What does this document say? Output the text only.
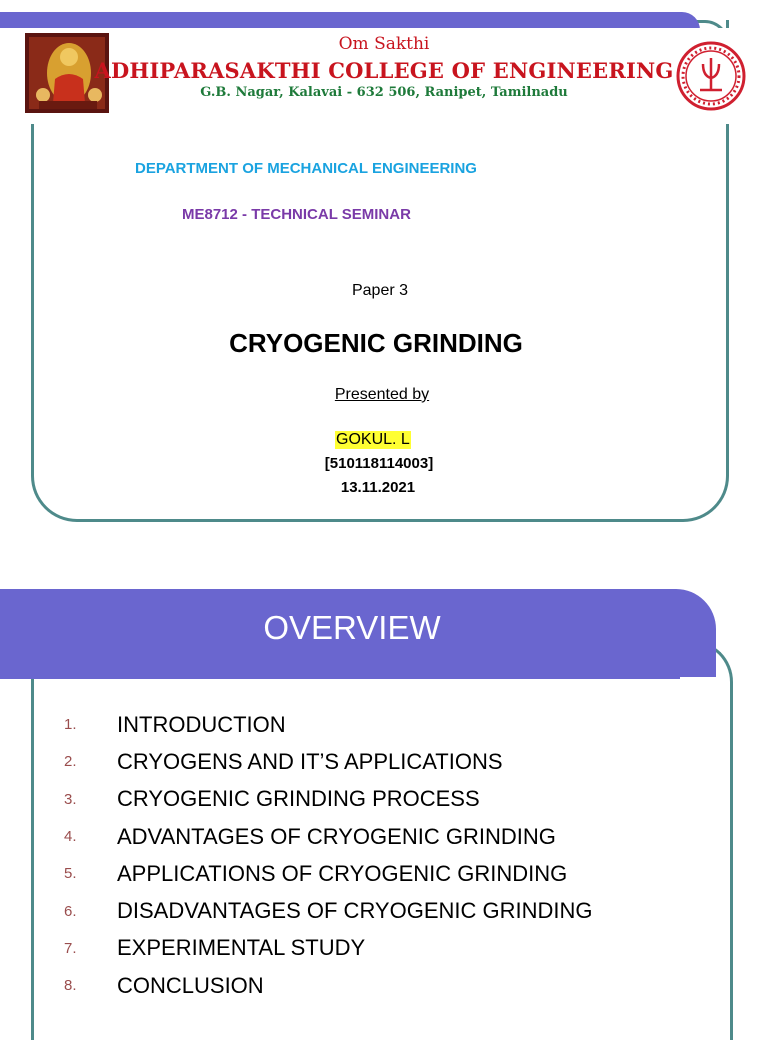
Om Sakthi
ADHIPARASAKTHI COLLEGE OF ENGINEERING
G.B. Nagar, Kalavai - 632 506, Ranipet, Tamilnadu
DEPARTMENT OF MECHANICAL ENGINEERING
ME8712 - TECHNICAL SEMINAR
Paper 3
CRYOGENIC GRINDING
Presented by
GOKUL. L
[510118114003]
13.11.2021
OVERVIEW
1.	INTRODUCTION
2.	CRYOGENS AND IT’S APPLICATIONS
3.	CRYOGENIC GRINDING PROCESS
4.	ADVANTAGES OF CRYOGENIC GRINDING
5.	APPLICATIONS OF CRYOGENIC GRINDING
6.	DISADVANTAGES OF CRYOGENIC GRINDING
7.	EXPERIMENTAL STUDY
8.	CONCLUSION
